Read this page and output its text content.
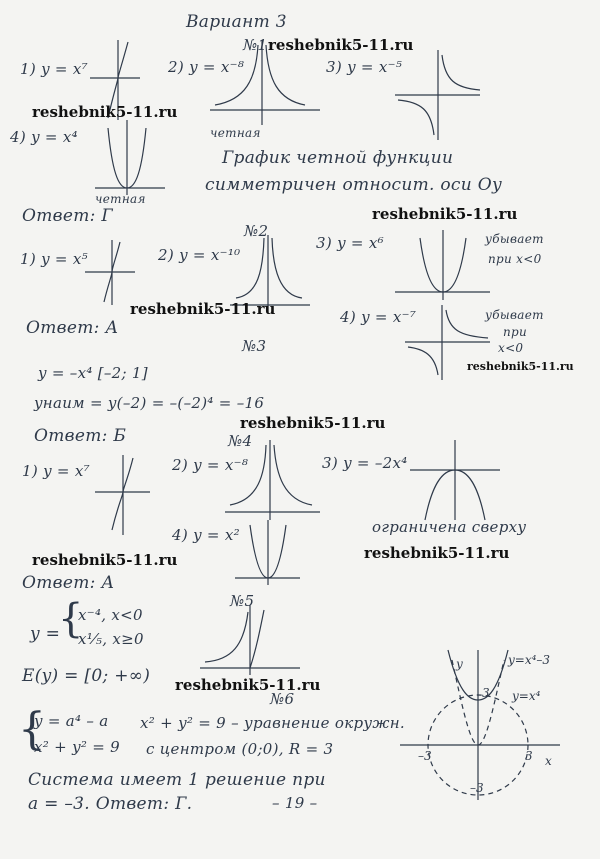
y=x⁴–3
y=x⁴
y
x
3
–3
3
–3
Вариант 3
№1
№2
№3
№4
№5
№6
1) y = x⁷	2) y = x⁻⁸	3) y = x⁻⁵
4) y = x⁴	четная
четная
График четной функции
симметричен относит. оси Oy
Ответ: Г
1) y = x⁵	2) y = x⁻¹⁰
3) y = x⁶
4) y = x⁻⁷
убывает
при x<0
убывает
при
x<0
Ответ: А
y = –x⁴ [–2; 1]
yнаим = y(–2) = –(–2)⁴ = –16
Ответ: Б
1) y = x⁷	2) y = x⁻⁸	3) y = –2x⁴
4) y = x²	ограничена сверху
Ответ: А
y =
{
x⁻⁴, x<0
x¹⁄₅, x≥0
E(y) = [0; +∞)
{
y = a⁴ – a
x² + y² = 9
x² + y² = 9 – уравнение окружн.
с центром (0;0), R = 3
Система имеет 1 решение при
a = –3. Ответ: Г.	– 19 –
reshebnik5-11.ru
reshebnik5-11.ru
reshebnik5-11.ru
reshebnik5-11.ru
reshebnik5-11.ru
reshebnik5-11.ru
reshebnik5-11.ru	reshebnik5-11.ru
reshebnik5-11.ru
